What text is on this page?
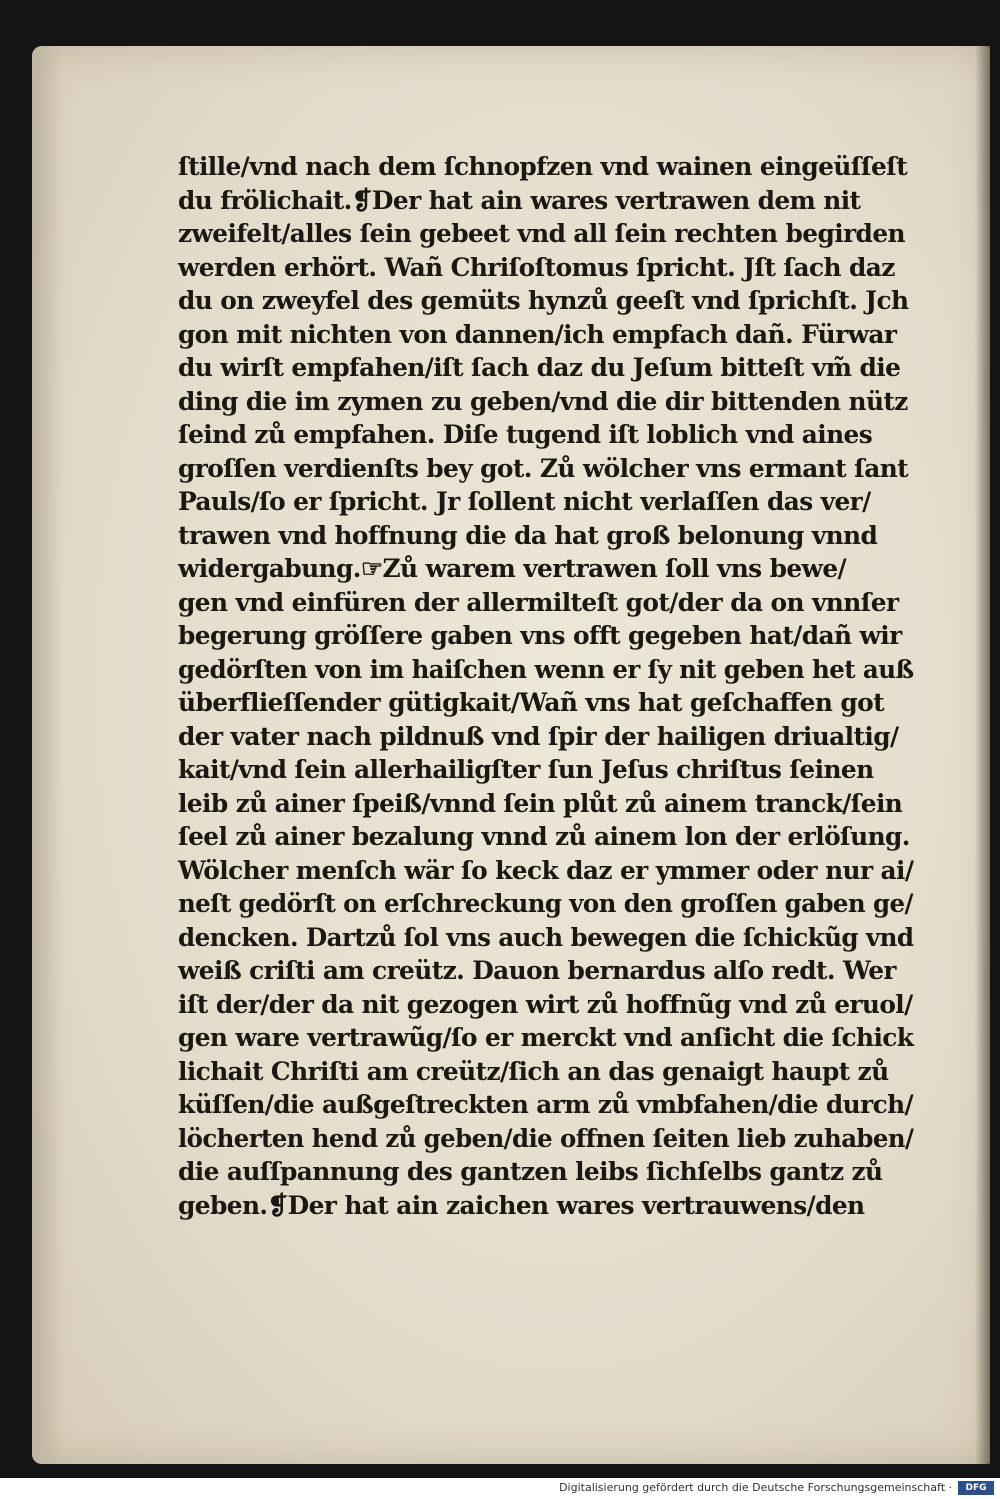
ſtille/vnd nach dem ſchnopfzen vnd wainen eingeüſſeſt
du frölichait.❡Der hat ain wares vertrawen dem nit
zweifelt/alles ſein gebeet vnd all ſein rechten begirden
werden erhört. Wañ Chriſoſtomus ſpricht. Jſt ſach daz
du on zweyfel des gemüts hynzů geeſt vnd ſprichſt. Jch
gon mit nichten von dannen/ich empfach dañ. Fürwar
du wirſt empfahen/iſt ſach daz du Jeſum bitteſt vm̃ die
ding die im zymen zu geben/vnd die dir bittenden nütz
ſeind zů empfahen. Diſe tugend iſt loblich vnd aines
groſſen verdienſts bey got. Zů wölcher vns ermant ſant
Pauls/ſo er ſpricht. Jr ſollent nicht verlaſſen das ver/
trawen vnd hoffnung die da hat groß belonung vnnd
widergabung.☞Zů warem vertrawen ſoll vns bewe/
gen vnd einfüren der allermilteſt got/der da on vnnſer
begerung gröſſere gaben vns offt gegeben hat/dañ wir
gedörſten von im haiſchen wenn er ſy nit geben het auß
überflieſſender gütigkait/Wañ vns hat geſchaffen got
der vater nach pildnuß vnd ſpir der hailigen driualtig/
kait/vnd ſein allerhailigſter ſun Jeſus chriſtus ſeinen
leib zů ainer ſpeiß/vnnd ſein plůt zů ainem tranck/ſein
ſeel zů ainer bezalung vnnd zů ainem lon der erlöſung.
Wölcher menſch wär ſo keck daz er ymmer oder nur ai/
neſt gedörſt on erſchreckung von den groſſen gaben ge/
dencken. Dartzů ſol vns auch bewegen die ſchickũg vnd
weiß criſti am creütz. Dauon bernardus alſo redt. Wer
iſt der/der da nit gezogen wirt zů hoffnũg vnd zů eruol/
gen ware vertrawũg/ſo er merckt vnd anſicht die ſchick
lichait Chriſti am creütz/ſich an das genaigt haupt zů
küſſen/die außgeſtreckten arm zů vmbfahen/die durch/
löcherten hend zů geben/die offnen ſeiten lieb zuhaben/
die auſſpannung des gantzen leibs ſichſelbs gantz zů
geben.❡Der hat ain zaichen wares vertrauwens/den
Digitalisierung gefördert durch die Deutsche Forschungsgemeinschaft ·	DFG
